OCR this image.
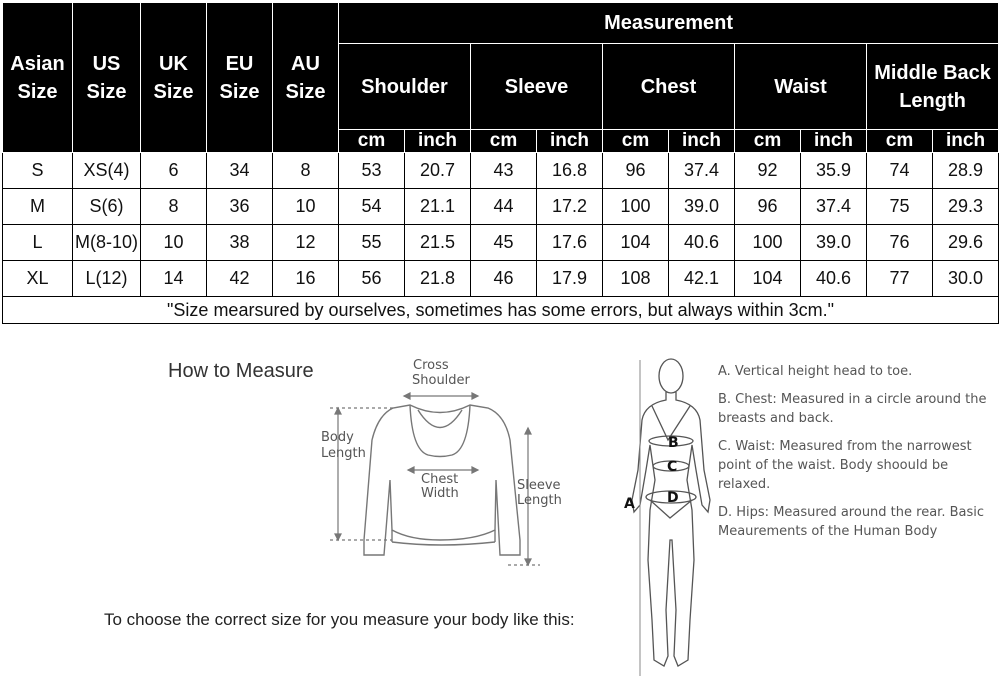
Asian Size	US Size	UK Size	EU Size	AU Size	Measurement									
					Shoulder		Sleeve		Chest		Waist		Middle Back Length	
					cm	inch	cm	inch	cm	inch	cm	inch	cm	inch
S	XS(4)	6	34	8	53	20.7	43	16.8	96	37.4	92	35.9	74	28.9
M	S(6)	8	36	10	54	21.1	44	17.2	100	39.0	96	37.4	75	29.3
L	M(8-10)	10	38	12	55	21.5	45	17.6	104	40.6	100	39.0	76	29.6
XL	L(12)	14	42	16	56	21.8	46	17.9	108	42.1	104	40.6	77	30.0
"Size mearsured by ourselves, sometimes has some errors, but always within 3cm."														
How to Measure	Cross
Shoulder
Body
Length
Chest
Width
Sleeve
Length	A
B
C
D
To choose the correct size for you measure your body like this:

A. Vertical height head to toe.

B. Chest: Measured in a circle around the breasts and back.

C. Waist: Measured from the narrowest point of the waist. Body shoould be relaxed.

D. Hips: Measured around the rear. Basic Meaurements of the Human Body
